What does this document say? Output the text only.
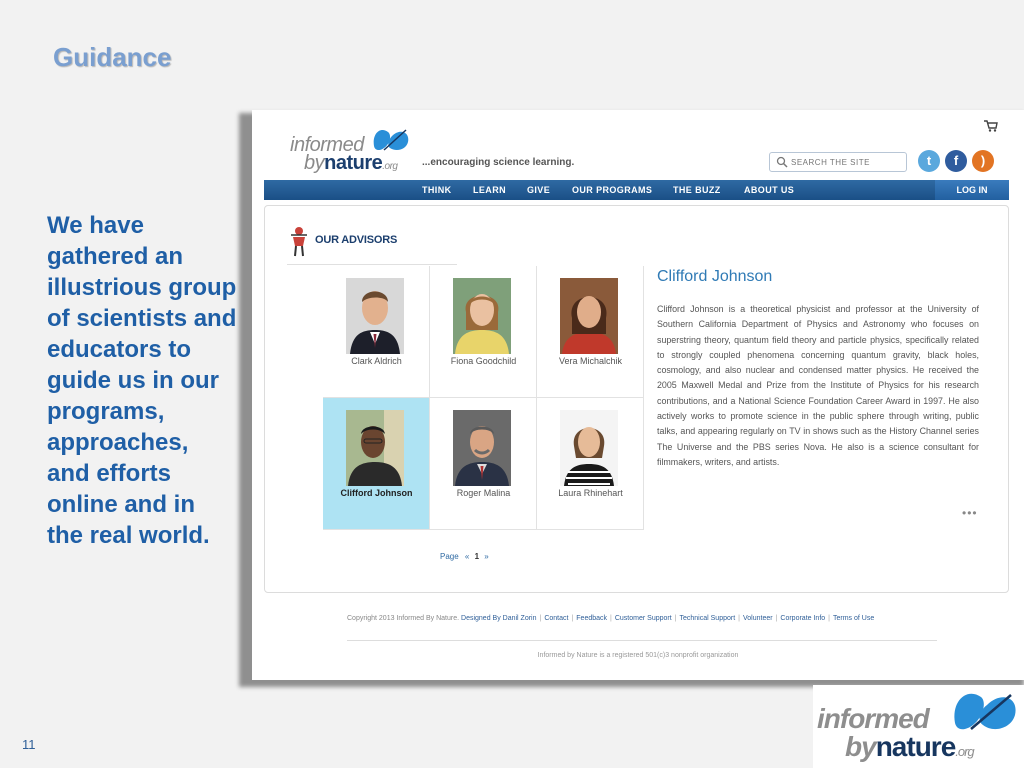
Guidance
We have gathered an illustrious group of scientists and educators to guide us in our programs, approaches, and efforts online and in the real world.
11
informed
bynature.org ...encouraging science learning.
SEARCH THE SITE	t	f	)
THINK LEARN GIVE OUR PROGRAMS THE BUZZ	ABOUT US	LOG IN
OUR ADVISORS
Clark Aldrich	Fiona Goodchild	Vera Michalchik
Clifford Johnson	Roger Malina	Laura Rhinehart
Page « 1 »
Clifford Johnson
Clifford Johnson is a theoretical physicist and professor at the University of Southern California Department of Physics and Astronomy who focuses on superstring theory, quantum field theory and particle physics, specifically related to strongly coupled phenomena concerning quantum gravity, black holes, cosmology, and also nuclear and condensed matter physics. He received the 2005 Maxwell Medal and Prize from the Institute of Physics for his research contributions, and a National Science Foundation Career Award in 1997. He also actively works to promote science in the public sphere through writing, public talks, and appearing regularly on TV in shows such as the History Channel series The Universe and the PBS series Nova. He also is a science consultant for filmmakers, writers, and artists.
•••
Copyright 2013 Informed By Nature. Designed By Danil Zorin | Contact | Feedback | Customer Support | Technical Support | Volunteer | Corporate Info | Terms of Use
Informed by Nature is a registered 501(c)3 nonprofit organization
informed
bynature.org
